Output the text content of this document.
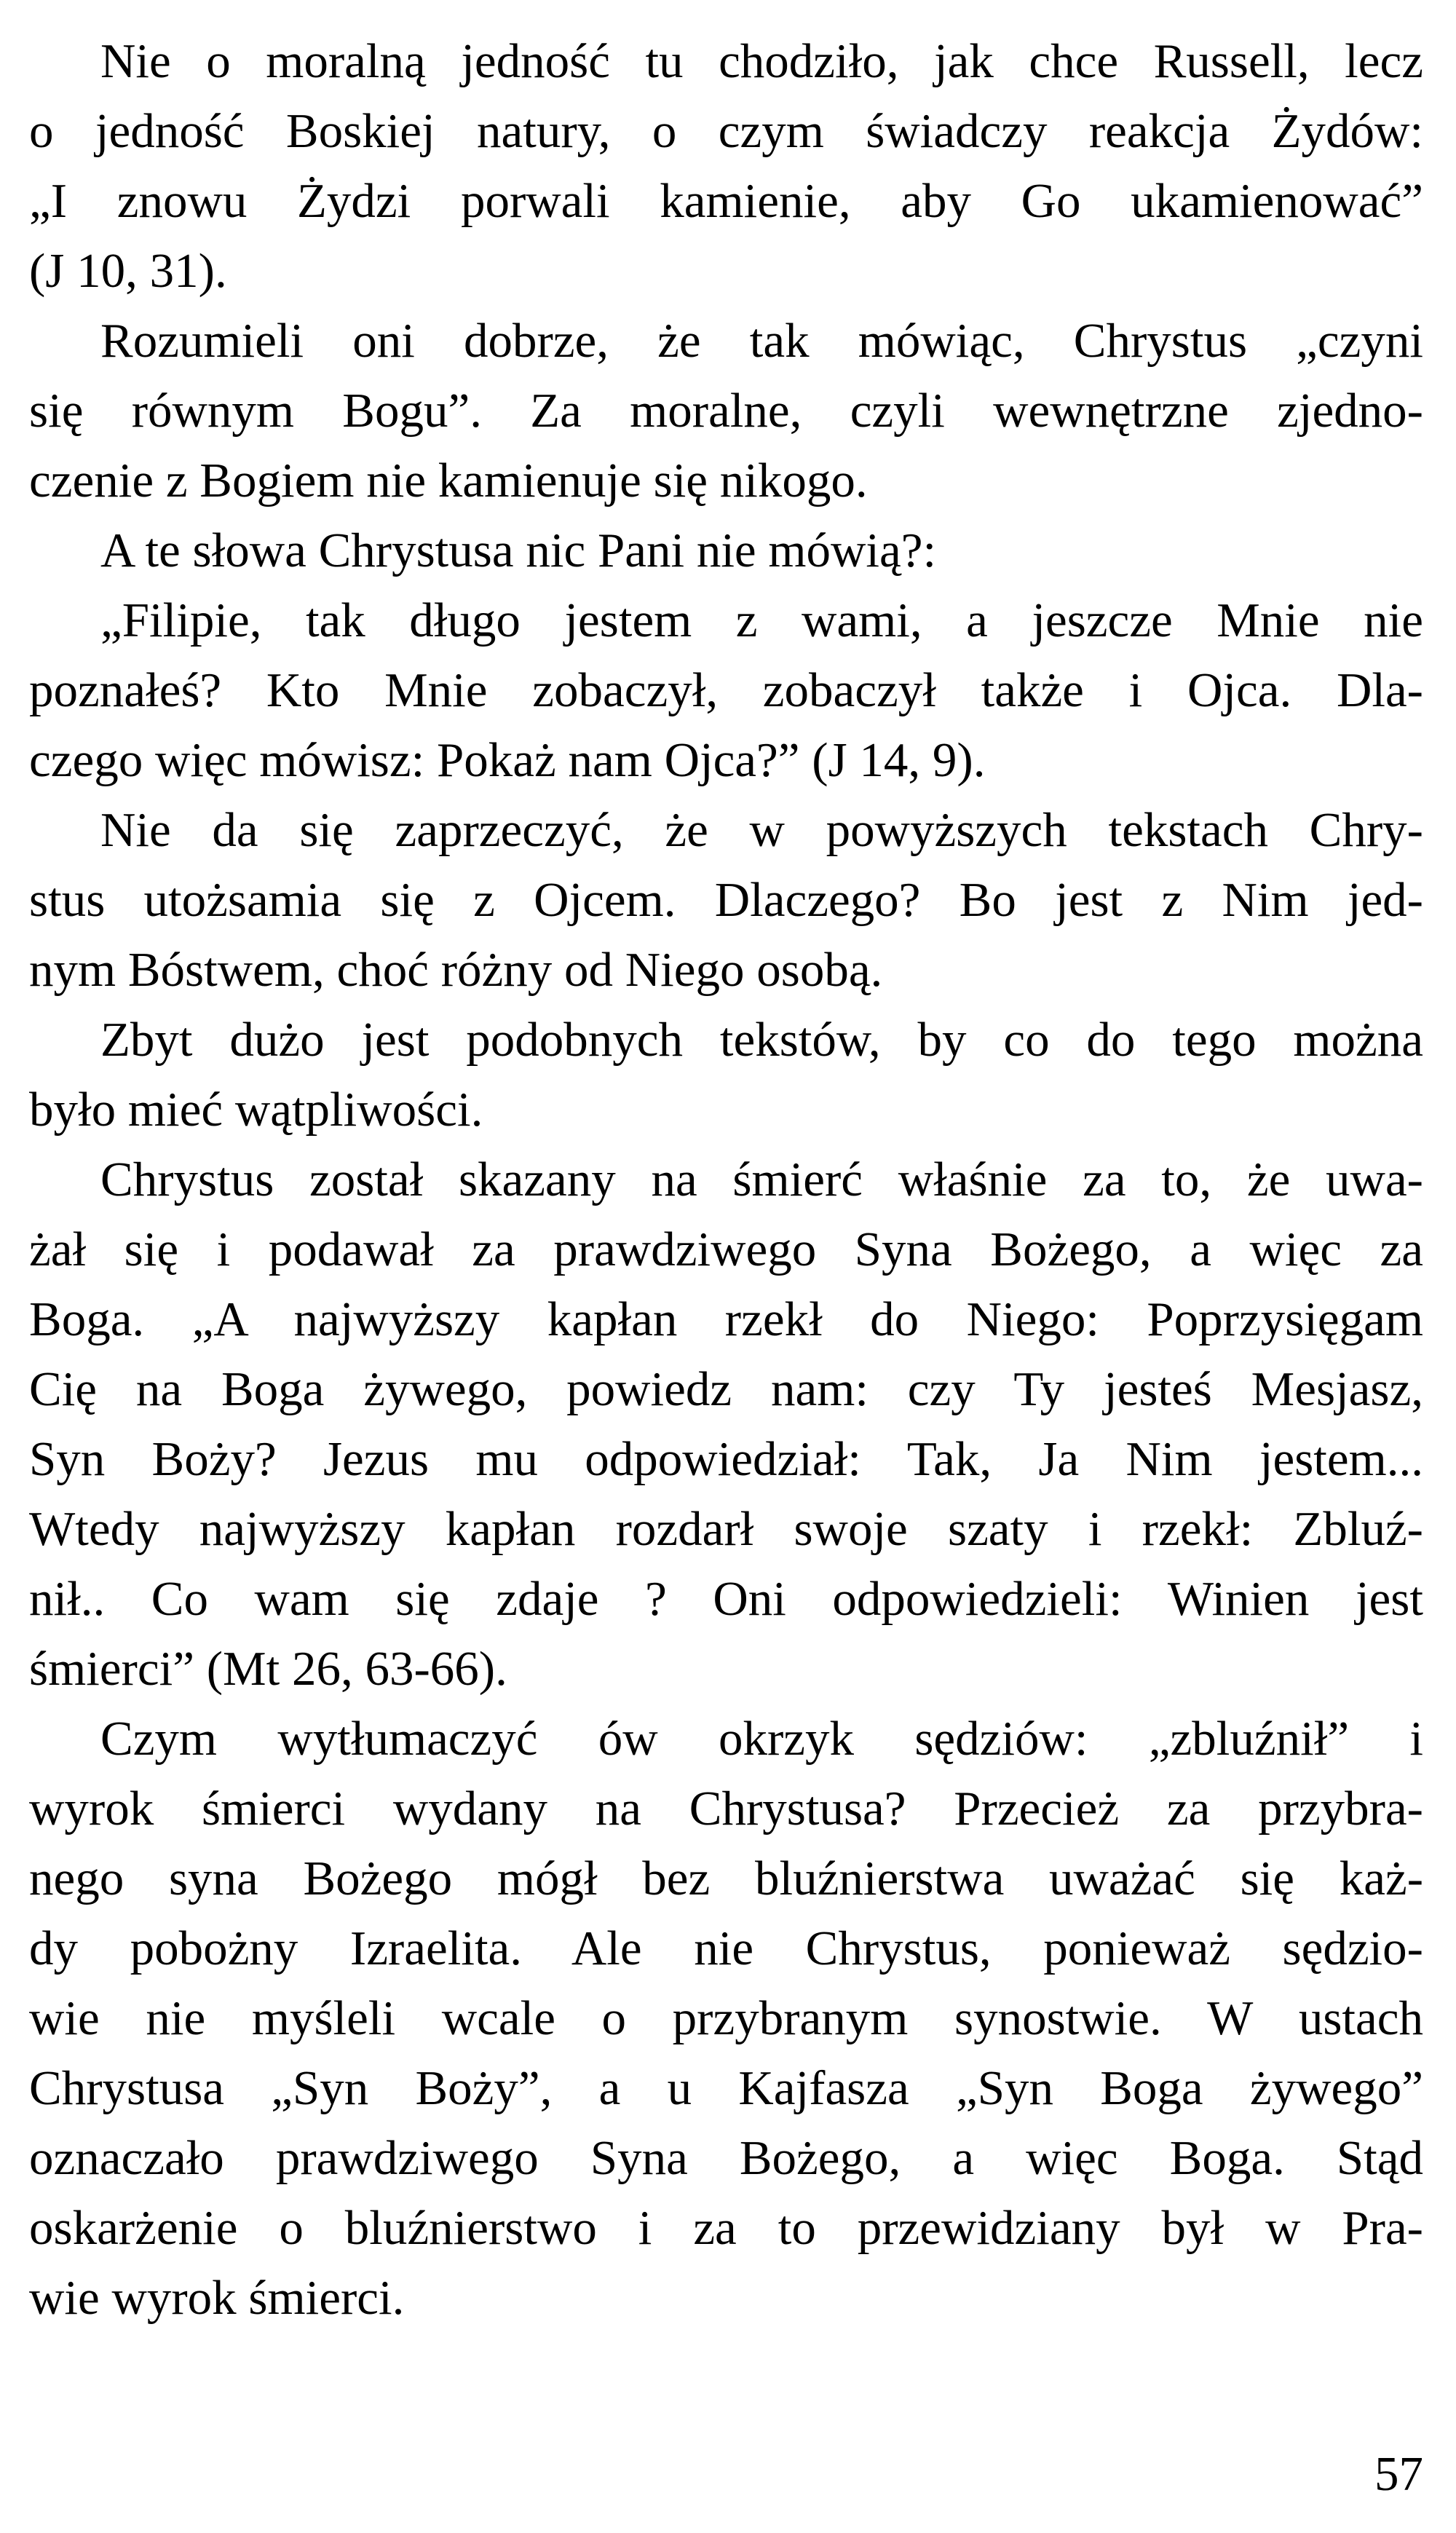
Nie o moralną jedność tu chodziło, jak chce Russell, lecz
o jedność Boskiej natury, o czym świadczy reakcja Żydów:
„I znowu Żydzi porwali kamienie, aby Go ukamienować”
(J 10, 31).
Rozumieli oni dobrze, że tak mówiąc, Chrystus „czyni
się równym Bogu”. Za moralne, czyli wewnętrzne zjedno-
czenie z Bogiem nie kamienuje się nikogo.
A te słowa Chrystusa nic Pani nie mówią?:
„Filipie, tak długo jestem z wami, a jeszcze Mnie nie
poznałeś? Kto Mnie zobaczył, zobaczył także i Ojca. Dla-
czego więc mówisz: Pokaż nam Ojca?” (J 14, 9).
Nie da się zaprzeczyć, że w powyższych tekstach Chry-
stus utożsamia się z Ojcem. Dlaczego? Bo jest z Nim jed-
nym Bóstwem, choć różny od Niego osobą.
Zbyt dużo jest podobnych tekstów, by co do tego można
było mieć wątpliwości.
Chrystus został skazany na śmierć właśnie za to, że uwa-
żał się i podawał za prawdziwego Syna Bożego, a więc za
Boga. „A najwyższy kapłan rzekł do Niego: Poprzysięgam
Cię na Boga żywego, powiedz nam: czy Ty jesteś Mesjasz,
Syn Boży? Jezus mu odpowiedział: Tak, Ja Nim jestem...
Wtedy najwyższy kapłan rozdarł swoje szaty i rzekł: Zbluź-
nił.. Co wam się zdaje ? Oni odpowiedzieli: Winien jest
śmierci” (Mt 26, 63-66).
Czym wytłumaczyć ów okrzyk sędziów: „zbluźnił” i
wyrok śmierci wydany na Chrystusa? Przecież za przybra-
nego syna Bożego mógł bez bluźnierstwa uważać się każ-
dy pobożny Izraelita. Ale nie Chrystus, ponieważ sędzio-
wie nie myśleli wcale o przybranym synostwie. W ustach
Chrystusa „Syn Boży”, a u Kajfasza „Syn Boga żywego”
oznaczało prawdziwego Syna Bożego, a więc Boga. Stąd
oskarżenie o bluźnierstwo i za to przewidziany był w Pra-
wie wyrok śmierci.
57
